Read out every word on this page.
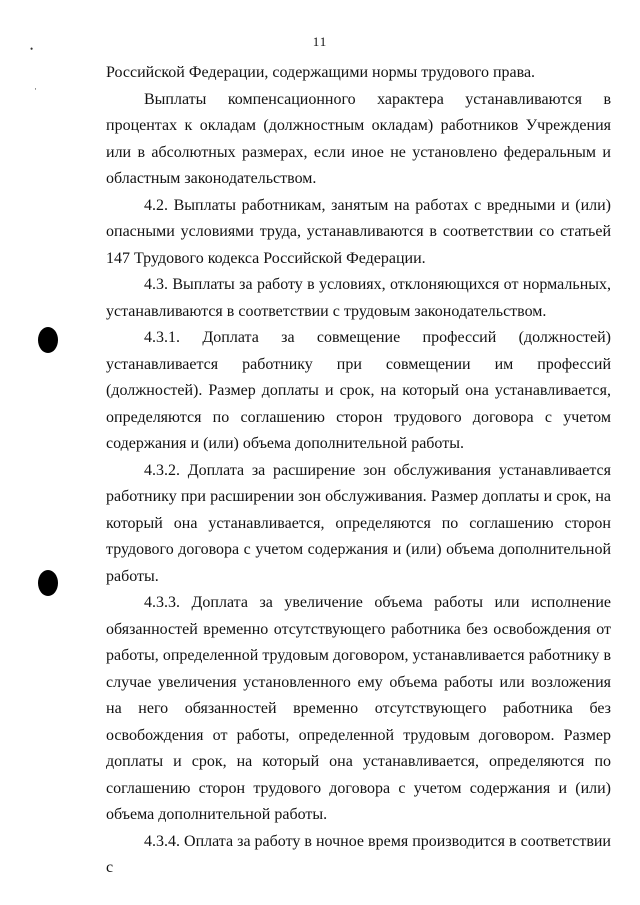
11
•
·

Российской Федерации, содержащими нормы трудового права.

Выплаты компенсационного характера устанавливаются в процентах к окладам (должностным окладам) работников Учреждения или в абсолютных размерах, если иное не установлено федеральным и областным законодательством.

4.2. Выплаты работникам, занятым на работах с вредными и (или) опасными условиями труда, устанавливаются в соответствии со статьей 147 Трудового кодекса Российской Федерации.

4.3. Выплаты за работу в условиях, отклоняющихся от нормальных, устанавливаются в соответствии с трудовым законодательством.

4.3.1. Доплата за совмещение профессий (должностей) устанавливается работнику при совмещении им профессий (должностей). Размер доплаты и срок, на который она устанавливается, определяются по соглашению сторон трудового договора с учетом содержания и (или) объема дополнительной работы.

4.3.2. Доплата за расширение зон обслуживания устанавливается работнику при расширении зон обслуживания. Размер доплаты и срок, на который она устанавливается, определяются по соглашению сторон трудового договора с учетом содержания и (или) объема дополнительной работы.

4.3.3. Доплата за увеличение объема работы или исполнение обязанностей временно отсутствующего работника без освобождения от работы, определенной трудовым договором, устанавливается работнику в случае увеличения установленного ему объема работы или возложения на него обязанностей временно отсутствующего работника без освобождения от работы, определенной трудовым договором. Размер доплаты и срок, на который она устанавливается, определяются по соглашению сторон трудового договора с учетом содержания и (или) объема дополнительной работы.

4.3.4. Оплата за работу в ночное время производится в соответствии с
